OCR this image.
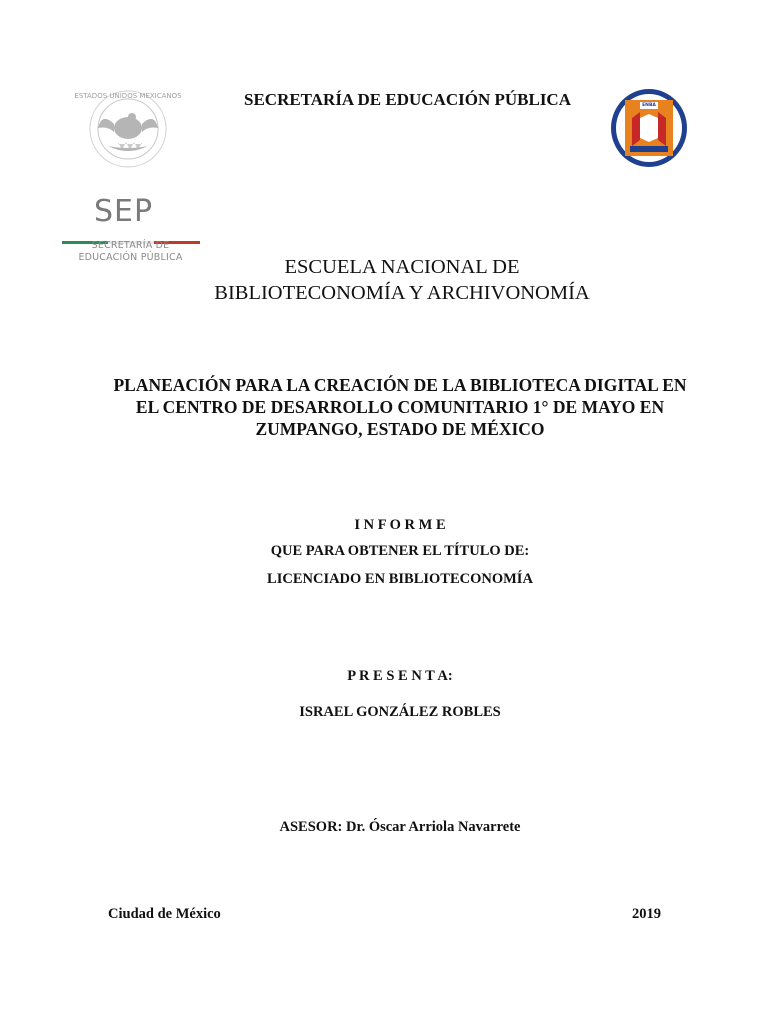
ESTADOS UNIDOS MEXICANOS
SEP
SECRETARÍA DE
EDUCACIÓN PÚBLICA
ENBA
SECRETARÍA DE EDUCACIÓN PÚBLICA
ESCUELA NACIONAL DE
BIBLIOTECONOMÍA Y ARCHIVONOMÍA
PLANEACIÓN PARA LA CREACIÓN DE LA BIBLIOTECA DIGITAL EN
EL CENTRO DE DESARROLLO COMUNITARIO 1° DE MAYO EN
ZUMPANGO, ESTADO DE MÉXICO
I N F O R M E
QUE PARA OBTENER EL TÍTULO DE:
LICENCIADO EN BIBLIOTECONOMÍA
P R E S E N T A:
ISRAEL GONZÁLEZ ROBLES
ASESOR: Dr. Óscar Arriola Navarrete
Ciudad de México	2019
